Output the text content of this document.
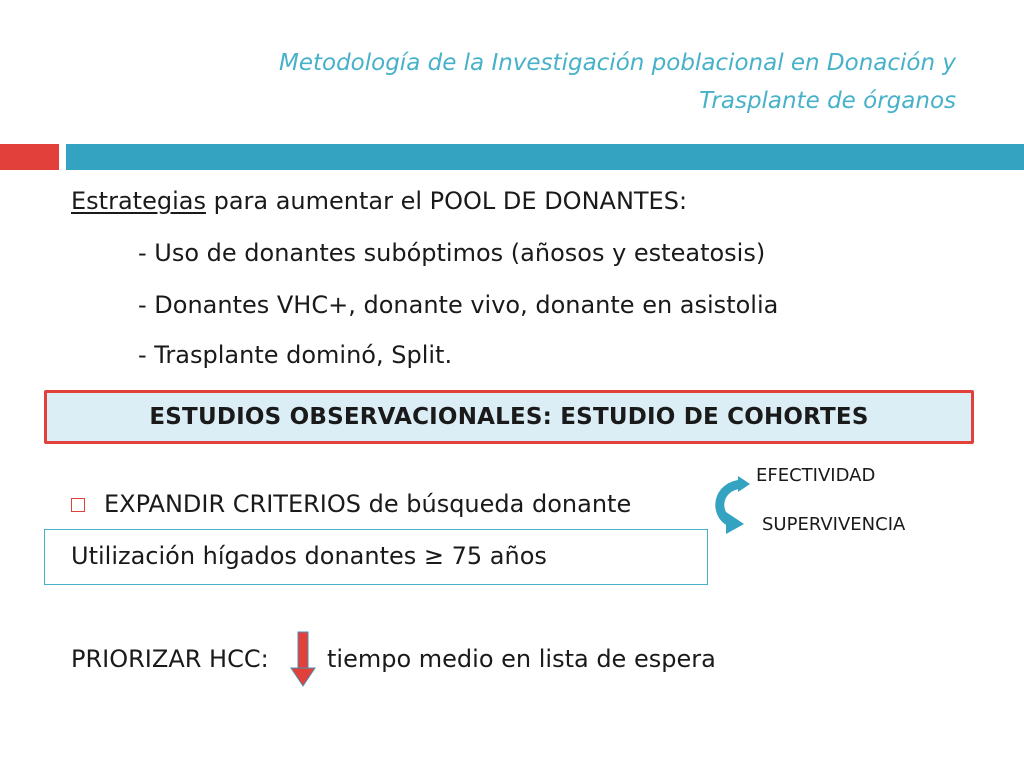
Metodología de la Investigación poblacional en Donación y
Trasplante de órganos
Estrategias para aumentar el POOL DE DONANTES:
- Uso de donantes subóptimos (añosos y esteatosis)
- Donantes VHC+, donante vivo, donante en asistolia
- Trasplante dominó, Split.
ESTUDIOS OBSERVACIONALES: ESTUDIO DE COHORTES
EXPANDIR CRITERIOS de búsqueda donante
EFECTIVIDAD
SUPERVIVENCIA
Utilización hígados donantes ≥ 75 años
PRIORIZAR HCC: tiempo medio en lista de espera
